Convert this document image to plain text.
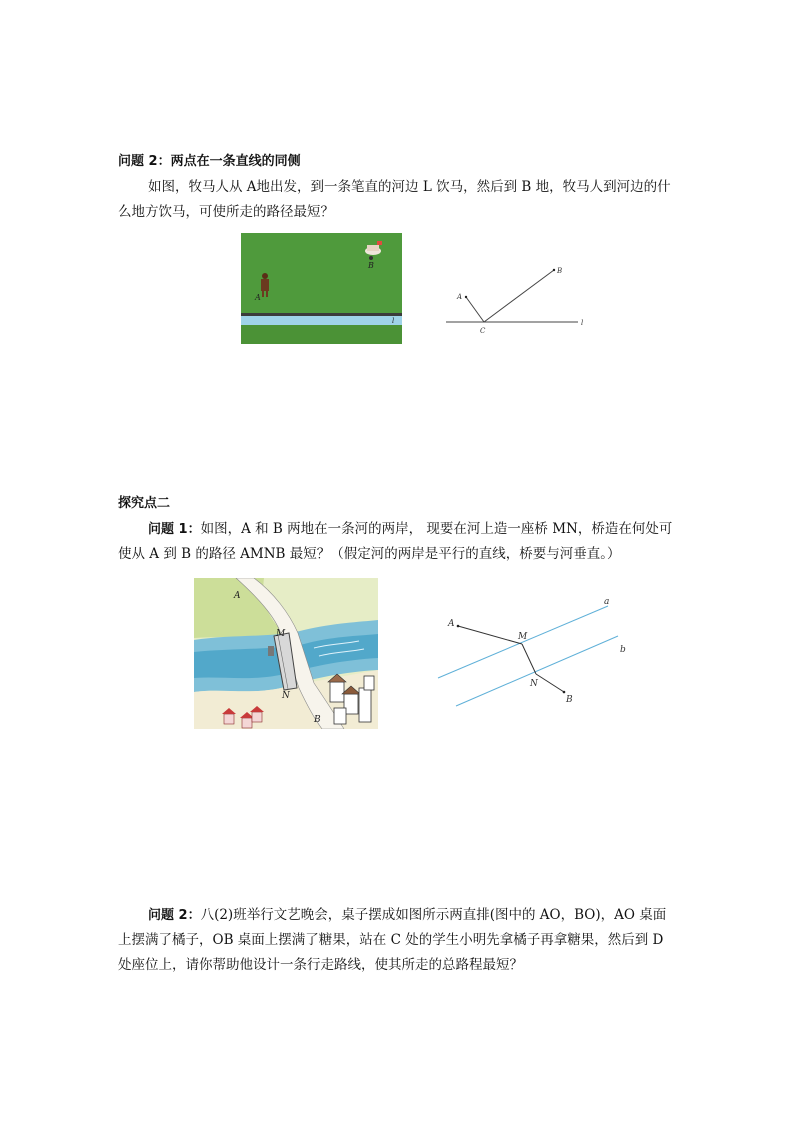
问题 2：两点在一条直线的同侧

如图，牧马人从 A地出发，到一条笔直的河边 L 饮马，然后到 B 地，牧马人到河边的什

么地方饮马，可使所走的路径最短？

A
B
l
A
B
C
l

探究点二

问题 1：如图，A 和 B 两地在一条河的两岸， 现要在河上造一座桥 MN，桥造在何处可

使从 A 到 B 的路径 AMNB 最短？（假定河的两岸是平行的直线，桥要与河垂直。）

A
M
N
B
A
M
N
B
a
b

问题 2：八(2)班举行文艺晚会，桌子摆成如图所示两直排(图中的 AO，BO)，AO 桌面

上摆满了橘子，OB 桌面上摆满了糖果，站在 C 处的学生小明先拿橘子再拿糖果，然后到 D

处座位上，请你帮助他设计一条行走路线，使其所走的总路程最短？
